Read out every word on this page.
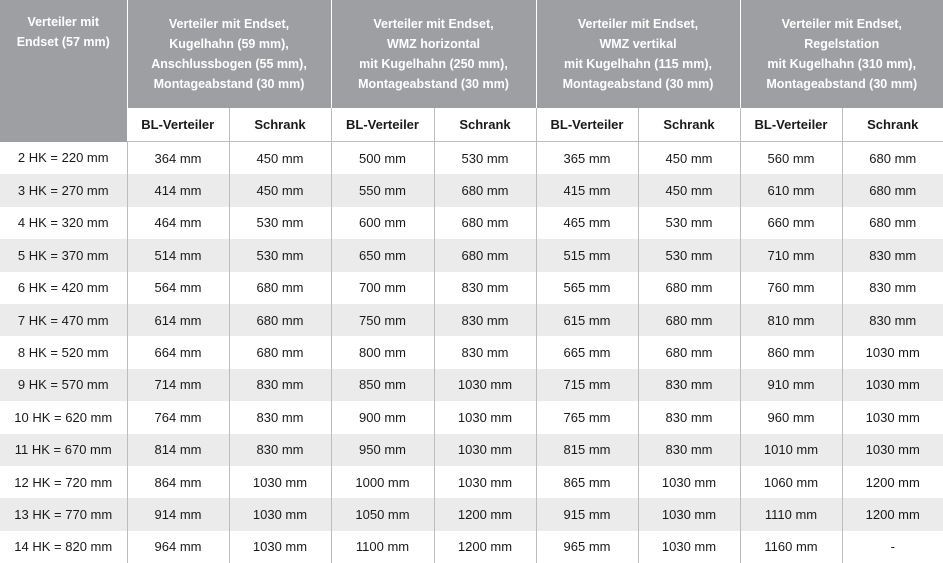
Verteiler mit
Endset (57 mm)	Verteiler mit Endset,
Kugelhahn (59 mm),
Anschlussbogen (55 mm),
Montageabstand (30 mm)		Verteiler mit Endset,
WMZ horizontal
mit Kugelhahn (250 mm),
Montageabstand (30 mm)		Verteiler mit Endset,
WMZ vertikal
mit Kugelhahn (115 mm),
Montageabstand (30 mm)		Verteiler mit Endset,
Regelstation
mit Kugelhahn (310 mm),
Montageabstand (30 mm)	
	BL-Verteiler	Schrank	BL-Verteiler	Schrank	BL-Verteiler	Schrank	BL-Verteiler	Schrank
2 HK = 220 mm	364 mm	450 mm	500 mm	530 mm	365 mm	450 mm	560 mm	680 mm
3 HK = 270 mm	414 mm	450 mm	550 mm	680 mm	415 mm	450 mm	610 mm	680 mm
4 HK = 320 mm	464 mm	530 mm	600 mm	680 mm	465 mm	530 mm	660 mm	680 mm
5 HK = 370 mm	514 mm	530 mm	650 mm	680 mm	515 mm	530 mm	710 mm	830 mm
6 HK = 420 mm	564 mm	680 mm	700 mm	830 mm	565 mm	680 mm	760 mm	830 mm
7 HK = 470 mm	614 mm	680 mm	750 mm	830 mm	615 mm	680 mm	810 mm	830 mm
8 HK = 520 mm	664 mm	680 mm	800 mm	830 mm	665 mm	680 mm	860 mm	1030 mm
9 HK = 570 mm	714 mm	830 mm	850 mm	1030 mm	715 mm	830 mm	910 mm	1030 mm
10 HK = 620 mm	764 mm	830 mm	900 mm	1030 mm	765 mm	830 mm	960 mm	1030 mm
11 HK = 670 mm	814 mm	830 mm	950 mm	1030 mm	815 mm	830 mm	1010 mm	1030 mm
12 HK = 720 mm	864 mm	1030 mm	1000 mm	1030 mm	865 mm	1030 mm	1060 mm	1200 mm
13 HK = 770 mm	914 mm	1030 mm	1050 mm	1200 mm	915 mm	1030 mm	1110 mm	1200 mm
14 HK = 820 mm	964 mm	1030 mm	1100 mm	1200 mm	965 mm	1030 mm	1160 mm	-
